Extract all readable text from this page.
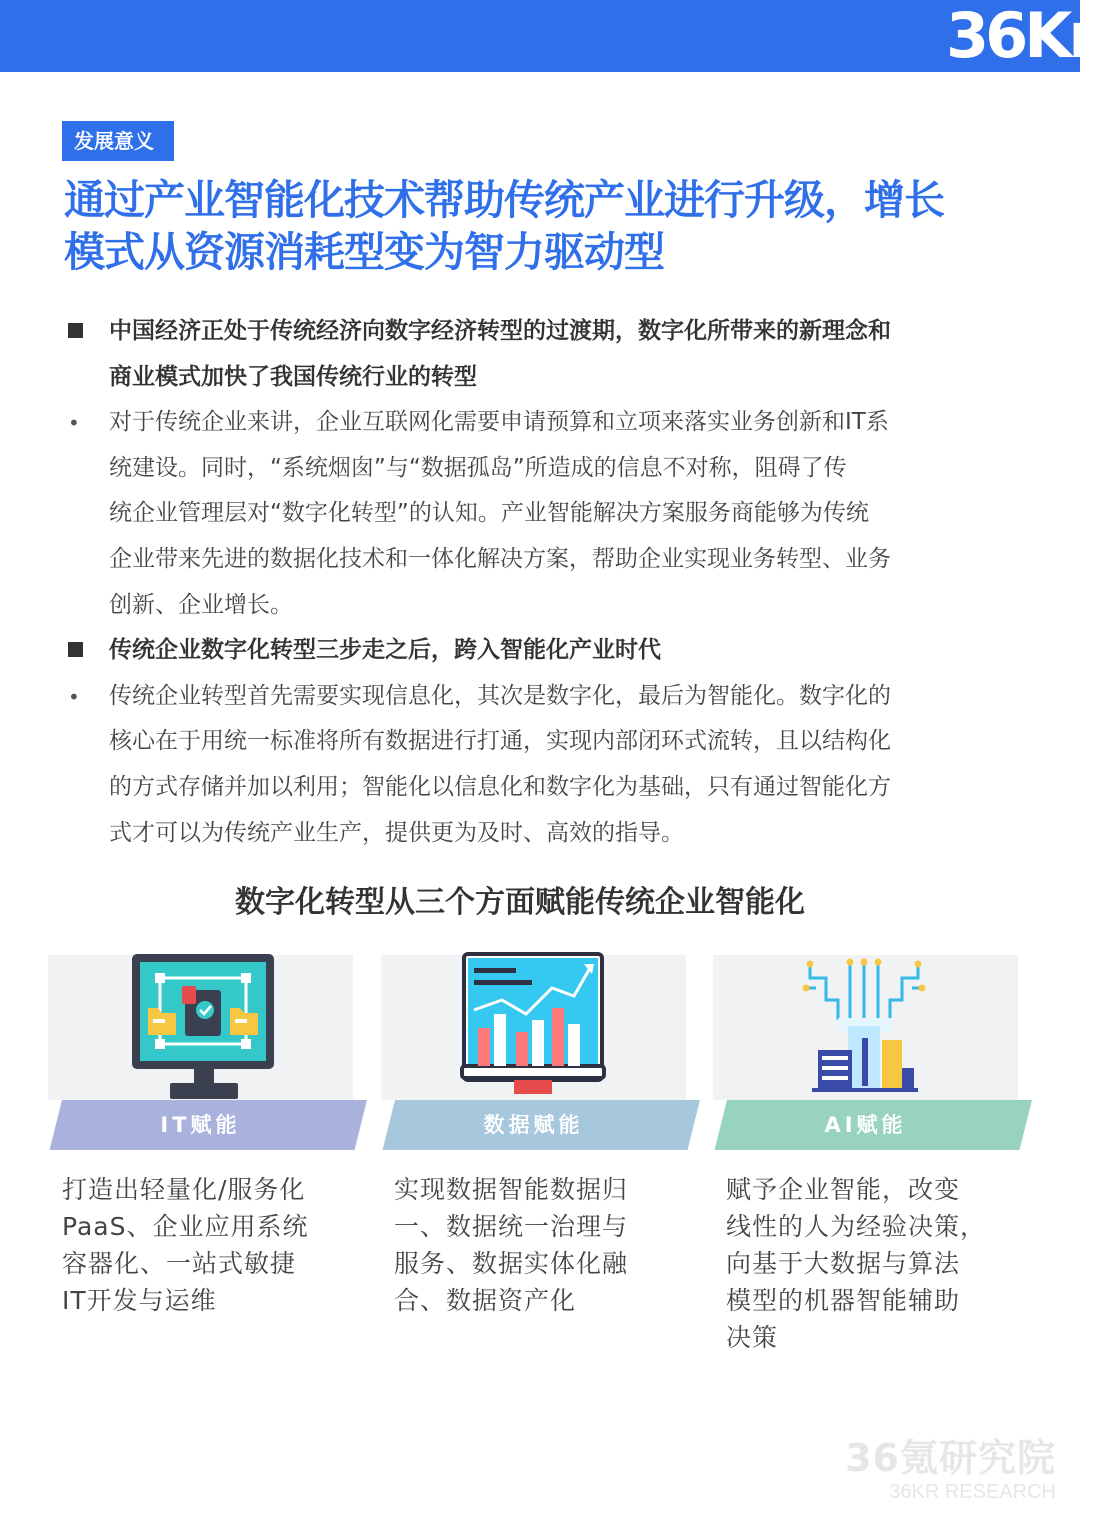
36Kr
发展意义
通过产业智能化技术帮助传统产业进行升级，增长
模式从资源消耗型变为智力驱动型
中国经济正处于传统经济向数字经济转型的过渡期，数字化所带来的新理念和
商业模式加快了我国传统行业的转型
• 对于传统企业来讲，企业互联网化需要申请预算和立项来落实业务创新和IT系
统建设。同时，“系统烟囱”与“数据孤岛”所造成的信息不对称，阻碍了传
统企业管理层对“数字化转型”的认知。产业智能解决方案服务商能够为传统
企业带来先进的数据化技术和一体化解决方案，帮助企业实现业务转型、业务
创新、企业增长。
传统企业数字化转型三步走之后，跨入智能化产业时代
• 传统企业转型首先需要实现信息化，其次是数字化，最后为智能化。数字化的
核心在于用统一标准将所有数据进行打通，实现内部闭环式流转，且以结构化
的方式存储并加以利用；智能化以信息化和数字化为基础，只有通过智能化方
式才可以为传统产业生产，提供更为及时、高效的指导。
数字化转型从三个方面赋能传统企业智能化
IT赋能
打造出轻量化/服务化
PaaS、企业应用系统
容器化、一站式敏捷
IT开发与运维
数据赋能
实现数据智能数据归
一、数据统一治理与
服务、数据实体化融
合、数据资产化
AI赋能
赋予企业智能，改变
线性的人为经验决策，
向基于大数据与算法
模型的机器智能辅助
决策
36氪研究院
36KR RESEARCH
